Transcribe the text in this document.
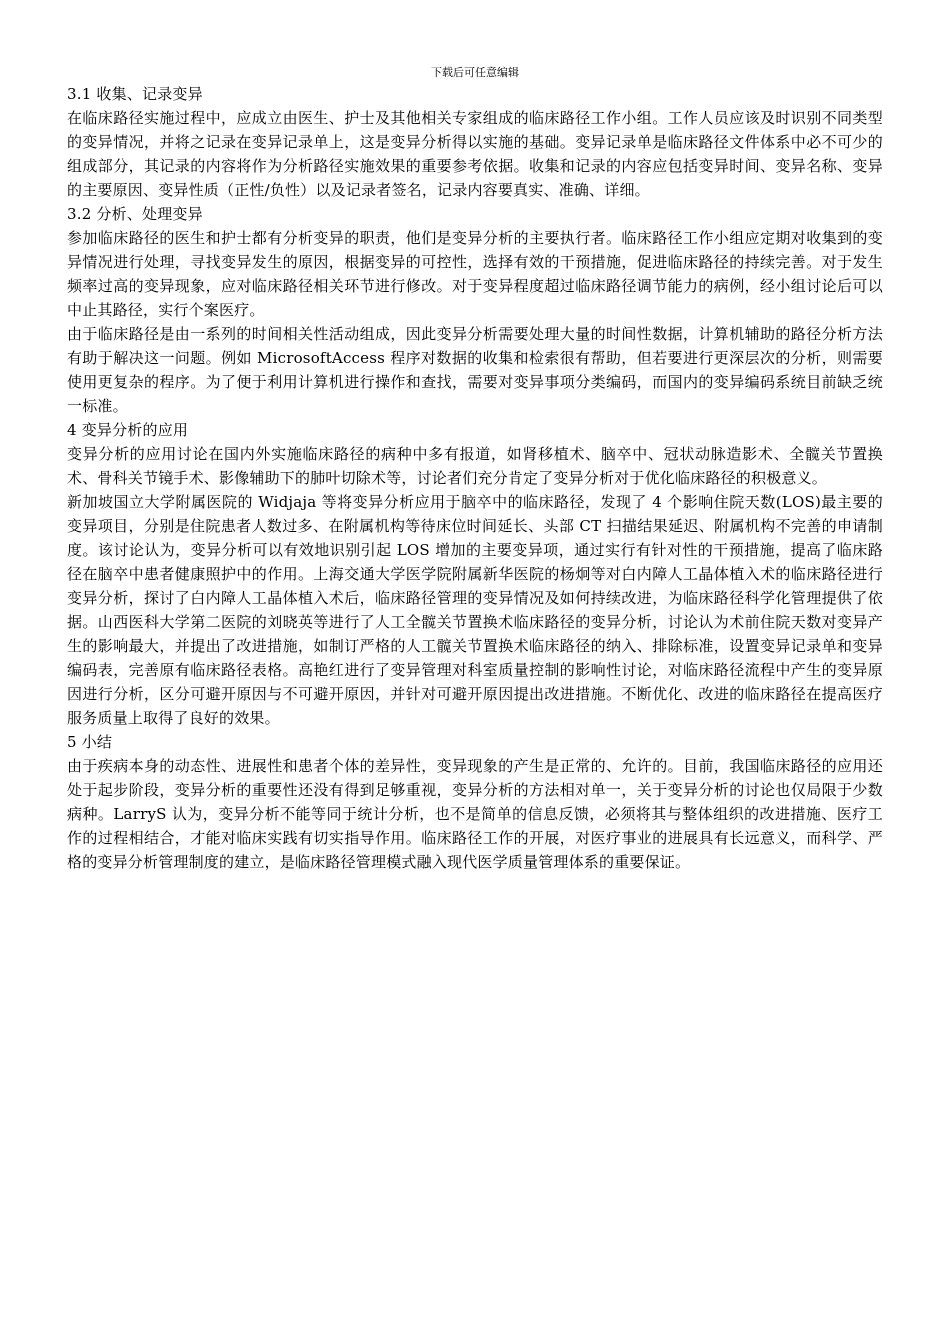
下载后可任意编辑

3.1 收集、记录变异

在临床路径实施过程中，应成立由医生、护士及其他相关专家组成的临床路径工作小组。工作人员应该及时识别不同类型的变异情况，并将之记录在变异记录单上，这是变异分析得以实施的基础。变异记录单是临床路径文件体系中必不可少的组成部分，其记录的内容将作为分析路径实施效果的重要参考依据。收集和记录的内容应包括变异时间、变异名称、变异的主要原因、变异性质（正性/负性）以及记录者签名，记录内容要真实、准确、详细。

3.2 分析、处理变异

参加临床路径的医生和护士都有分析变异的职责，他们是变异分析的主要执行者。临床路径工作小组应定期对收集到的变异情况进行处理，寻找变异发生的原因，根据变异的可控性，选择有效的干预措施，促进临床路径的持续完善。对于发生频率过高的变异现象，应对临床路径相关环节进行修改。对于变异程度超过临床路径调节能力的病例，经小组讨论后可以中止其路径，实行个案医疗。

由于临床路径是由一系列的时间相关性活动组成，因此变异分析需要处理大量的时间性数据，计算机辅助的路径分析方法有助于解决这一问题。例如 MicrosoftAccess 程序对数据的收集和检索很有帮助，但若要进行更深层次的分析，则需要使用更复杂的程序。为了便于利用计算机进行操作和查找，需要对变异事项分类编码，而国内的变异编码系统目前缺乏统一标准。

4 变异分析的应用

变异分析的应用讨论在国内外实施临床路径的病种中多有报道，如肾移植术、脑卒中、冠状动脉造影术、全髋关节置换术、骨科关节镜手术、影像辅助下的肺叶切除术等，讨论者们充分肯定了变异分析对于优化临床路径的积极意义。

新加坡国立大学附属医院的 Widjaja 等将变异分析应用于脑卒中的临床路径，发现了 4 个影响住院天数(LOS)最主要的变异项目，分别是住院患者人数过多、在附属机构等待床位时间延长、头部 CT 扫描结果延迟、附属机构不完善的申请制度。该讨论认为，变异分析可以有效地识别引起 LOS 增加的主要变异项，通过实行有针对性的干预措施，提高了临床路径在脑卒中患者健康照护中的作用。上海交通大学医学院附属新华医院的杨炯等对白内障人工晶体植入术的临床路径进行变异分析，探讨了白内障人工晶体植入术后，临床路径管理的变异情况及如何持续改进，为临床路径科学化管理提供了依据。山西医科大学第二医院的刘晓英等进行了人工全髋关节置换术临床路径的变异分析，讨论认为术前住院天数对变异产生的影响最大，并提出了改进措施，如制订严格的人工髋关节置换术临床路径的纳入、排除标准，设置变异记录单和变异编码表，完善原有临床路径表格。高艳红进行了变异管理对科室质量控制的影响性讨论，对临床路径流程中产生的变异原因进行分析，区分可避开原因与不可避开原因，并针对可避开原因提出改进措施。不断优化、改进的临床路径在提高医疗服务质量上取得了良好的效果。

5 小结

由于疾病本身的动态性、进展性和患者个体的差异性，变异现象的产生是正常的、允许的。目前，我国临床路径的应用还处于起步阶段，变异分析的重要性还没有得到足够重视，变异分析的方法相对单一，关于变异分析的讨论也仅局限于少数病种。LarryS 认为，变异分析不能等同于统计分析，也不是简单的信息反馈，必须将其与整体组织的改进措施、医疗工作的过程相结合，才能对临床实践有切实指导作用。临床路径工作的开展，对医疗事业的进展具有长远意义，而科学、严格的变异分析管理制度的建立，是临床路径管理模式融入现代医学质量管理体系的重要保证。
